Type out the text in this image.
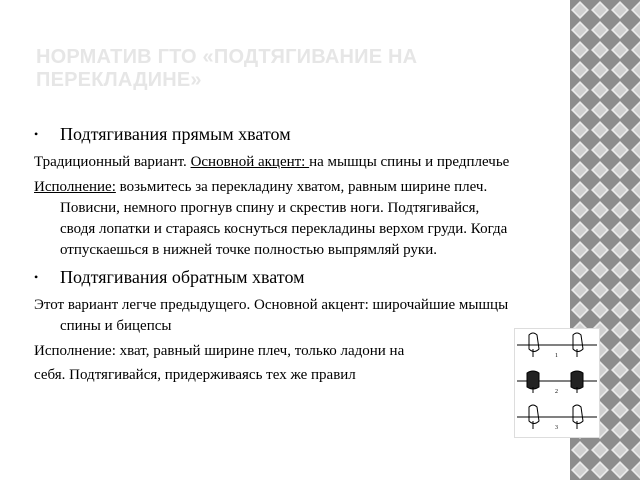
НОРМАТИВ ГТО «ПОДТЯГИВАНИЕ НА ПЕРЕКЛАДИНЕ»
• Подтягивания прямым хватом

Традиционный вариант. Основной акцент: на мышцы спины и предплечье

Исполнение: возьмитесь за перекладину хватом, равным ширине плеч. Повисни, немного прогнув спину и скрестив ноги. Подтягивайся, сводя лопатки и стараясь коснуться перекладины верхом груди. Когда отпускаешься в нижней точке полностью выпрямляй руки.

• Подтягивания обратным хватом

Этот вариант легче предыдущего. Основной акцент: широчайшие мышцы спины и бицепсы

Исполнение: хват, равный ширине плеч, только ладони на

себя. Подтягивайся, придерживаясь тех же правил

1
2
3
